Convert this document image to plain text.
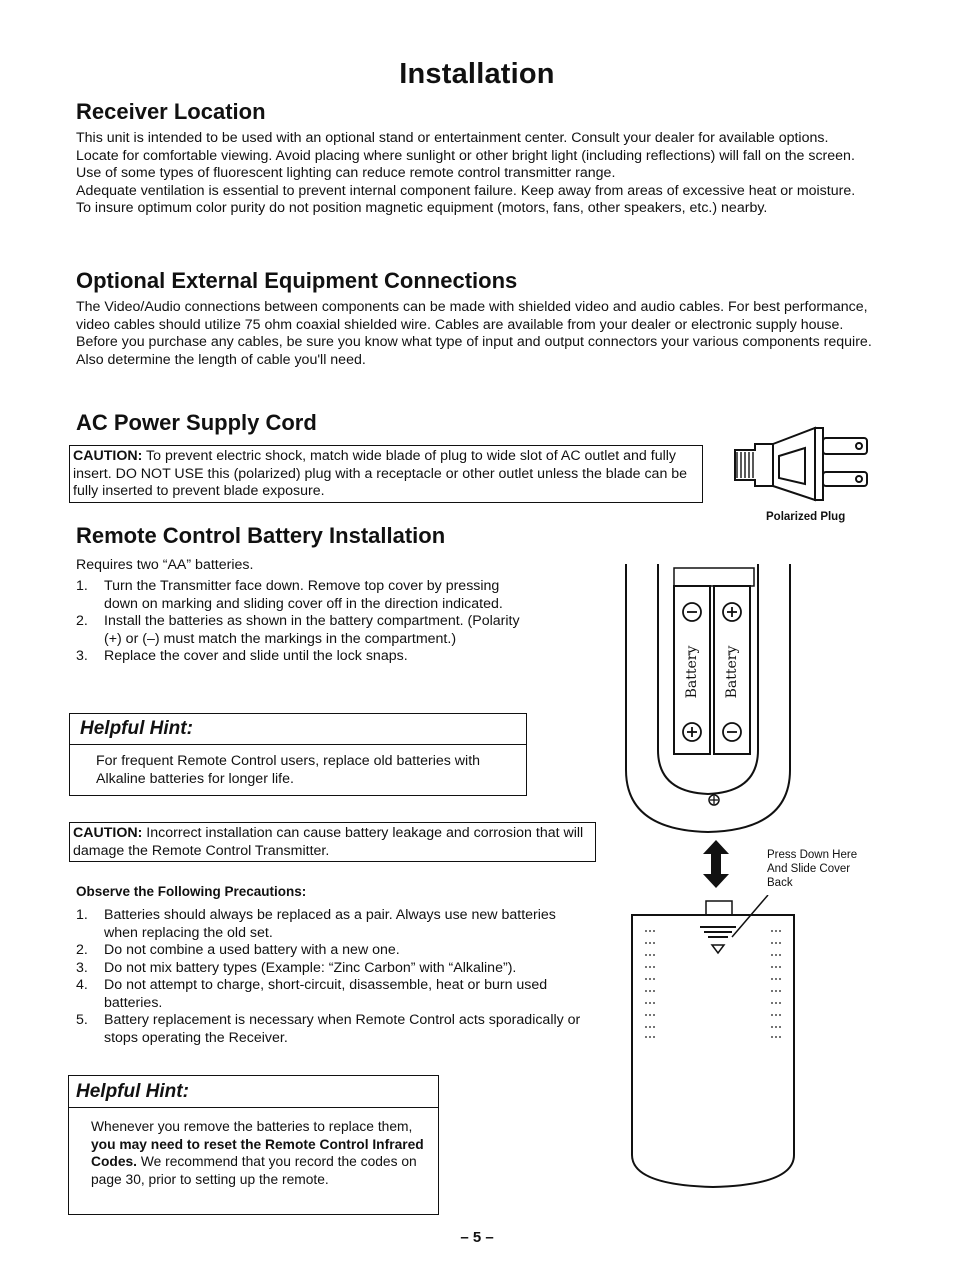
Installation
Receiver Location

This unit is intended to be used with an optional stand or entertainment center. Consult your dealer for available options.

Locate for comfortable viewing. Avoid placing where sunlight or other bright light (including reflections) will fall on the screen.

Use of some types of fluorescent lighting can reduce remote control transmitter range.

Adequate ventilation is essential to prevent internal component failure. Keep away from areas of excessive heat or moisture.

To insure optimum color purity do not position magnetic equipment (motors, fans, other speakers, etc.) nearby.

Optional External Equipment Connections

The Video/Audio connections between components can be made with shielded video and audio cables. For best performance, video cables should utilize 75 ohm coaxial shielded wire. Cables are available from your dealer or electronic supply house.

Before you purchase any cables, be sure you know what type of input and output connectors your various components require. Also determine the length of cable you'll need.

AC Power Supply Cord
CAUTION: To prevent electric shock, match wide blade of plug to wide slot of AC outlet and fully insert. DO NOT USE this (polarized) plug with a receptacle or other outlet unless the blade can be fully inserted to prevent blade exposure.
Polarized Plug
Remote Control Battery Installation
Requires two “AA” batteries.
1. Turn the Transmitter face down. Remove top cover by pressing down on marking and sliding cover off in the direction indicated.
2. Install the batteries as shown in the battery compartment. (Polarity (+) or (–) must match the markings in the compartment.)
3. Replace the cover and slide until the lock snaps.
Helpful Hint:
For frequent Remote Control users, replace old batteries with Alkaline batteries for longer life.
CAUTION: Incorrect installation can cause battery leakage and corrosion that will damage the Remote Control Transmitter.
Observe the Following Precautions:
1. Batteries should always be replaced as a pair. Always use new batteries when replacing the old set.
2. Do not combine a used battery with a new one.
3. Do not mix battery types (Example: “Zinc Carbon” with “Alkaline”).
4. Do not attempt to charge, short-circuit, disassemble, heat or burn used batteries.
5. Battery replacement is necessary when Remote Control acts sporadically or stops operating the Receiver.
Helpful Hint:
Whenever you remove the batteries to replace them, you may need to reset the Remote Control Infrared Codes. We recommend that you record the codes on page 30, prior to setting up the remote.
Battery Battery
Press Down Here And Slide Cover Back
– 5 –
